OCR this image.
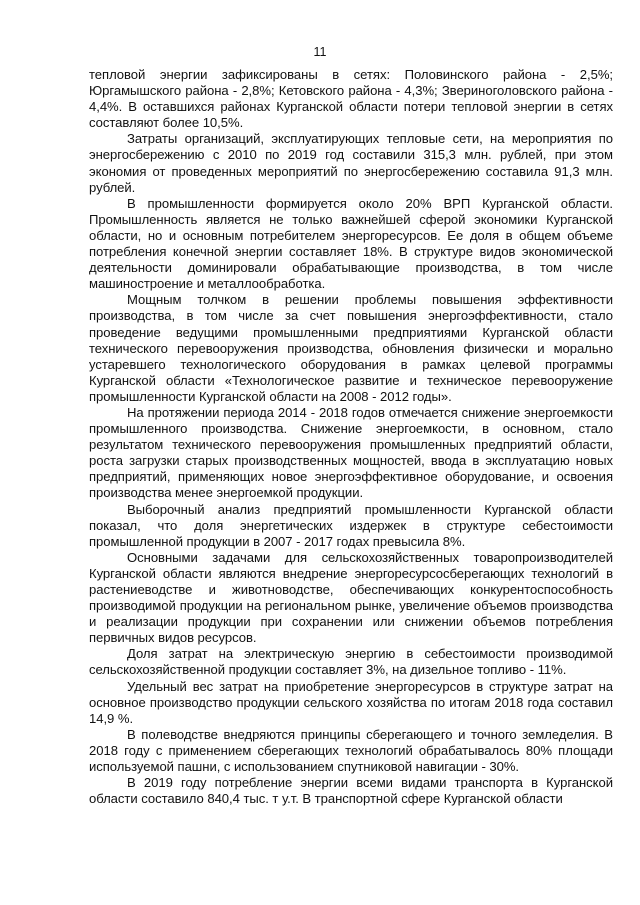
11

тепловой энергии зафиксированы в сетях: Половинского района - 2,5%; Юргамышского района - 2,8%; Кетовского района - 4,3%; Звериноголовского района - 4,4%. В оставшихся районах Курганской области потери тепловой энергии в сетях составляют более 10,5%.

Затраты организаций, эксплуатирующих тепловые сети, на мероприятия по энергосбережению с 2010 по 2019 год составили 315,3 млн. рублей, при этом экономия от проведенных мероприятий по энергосбережению составила 91,3 млн. рублей.

В промышленности формируется около 20% ВРП Курганской области. Промышленность является не только важнейшей сферой экономики Курганской области, но и основным потребителем энергоресурсов. Ее доля в общем объеме потребления конечной энергии составляет 18%. В структуре видов экономической деятельности доминировали обрабатывающие производства, в том числе машиностроение и металлообработка.

Мощным толчком в решении проблемы повышения эффективности производства, в том числе за счет повышения энергоэффективности, стало проведение ведущими промышленными предприятиями Курганской области технического перевооружения производства, обновления физически и морально устаревшего технологического оборудования в рамках целевой программы Курганской области «Технологическое развитие и техническое перевооружение промышленности Курганской области на 2008 - 2012 годы».

На протяжении периода 2014 - 2018 годов отмечается снижение энергоемкости промышленного производства. Снижение энергоемкости, в основном, стало результатом технического перевооружения промышленных предприятий области, роста загрузки старых производственных мощностей, ввода в эксплуатацию новых предприятий, применяющих новое энергоэффективное оборудование, и освоения производства менее энергоемкой продукции.

Выборочный анализ предприятий промышленности Курганской области показал, что доля энергетических издержек в структуре себестоимости промышленной продукции в 2007 - 2017 годах превысила 8%.

Основными задачами для сельскохозяйственных товаропроизводителей Курганской области являются внедрение энергоресурсосберегающих технологий в растениеводстве и животноводстве, обеспечивающих конкурентоспособность производимой продукции на региональном рынке, увеличение объемов производства и реализации продукции при сохранении или снижении объемов потребления первичных видов ресурсов.

Доля затрат на электрическую энергию в себестоимости производимой сельскохозяйственной продукции составляет 3%, на дизельное топливо - 11%.

Удельный вес затрат на приобретение энергоресурсов в структуре затрат на основное производство продукции сельского хозяйства по итогам 2018 года составил 14,9 %.

В полеводстве внедряются принципы сберегающего и точного земледелия. В 2018 году с применением сберегающих технологий обрабатывалось 80% площади используемой пашни, с использованием спутниковой навигации - 30%.

В 2019 году потребление энергии всеми видами транспорта в Курганской области составило 840,4 тыс. т у.т. В транспортной сфере Курганской области
